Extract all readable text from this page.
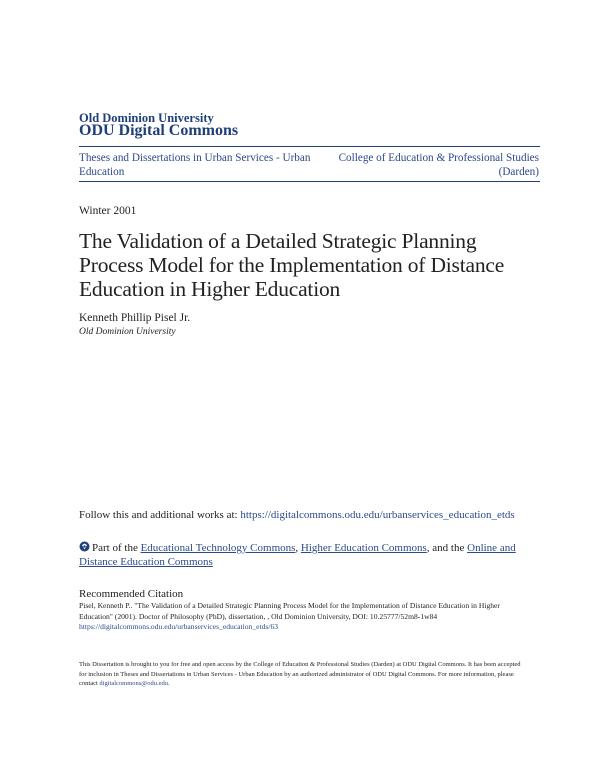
Old Dominion University
ODU Digital Commons
Theses and Dissertations in Urban Services - Urban Education
College of Education & Professional Studies (Darden)
Winter 2001
The Validation of a Detailed Strategic Planning Process Model for the Implementation of Distance Education in Higher Education
Kenneth Phillip Pisel Jr.
Old Dominion University
Follow this and additional works at: https://digitalcommons.odu.edu/urbanservices_education_etds
Part of the Educational Technology Commons, Higher Education Commons, and the Online and Distance Education Commons
Recommended Citation
Pisel, Kenneth P.. "The Validation of a Detailed Strategic Planning Process Model for the Implementation of Distance Education in Higher Education" (2001). Doctor of Philosophy (PhD), dissertation, , Old Dominion University, DOI: 10.25777/52m8-1w84
https://digitalcommons.odu.edu/urbanservices_education_etds/63
This Dissertation is brought to you for free and open access by the College of Education & Professional Studies (Darden) at ODU Digital Commons. It has been accepted for inclusion in Theses and Dissertations in Urban Services - Urban Education by an authorized administrator of ODU Digital Commons. For more information, please contact digitalcommons@odu.edu.
